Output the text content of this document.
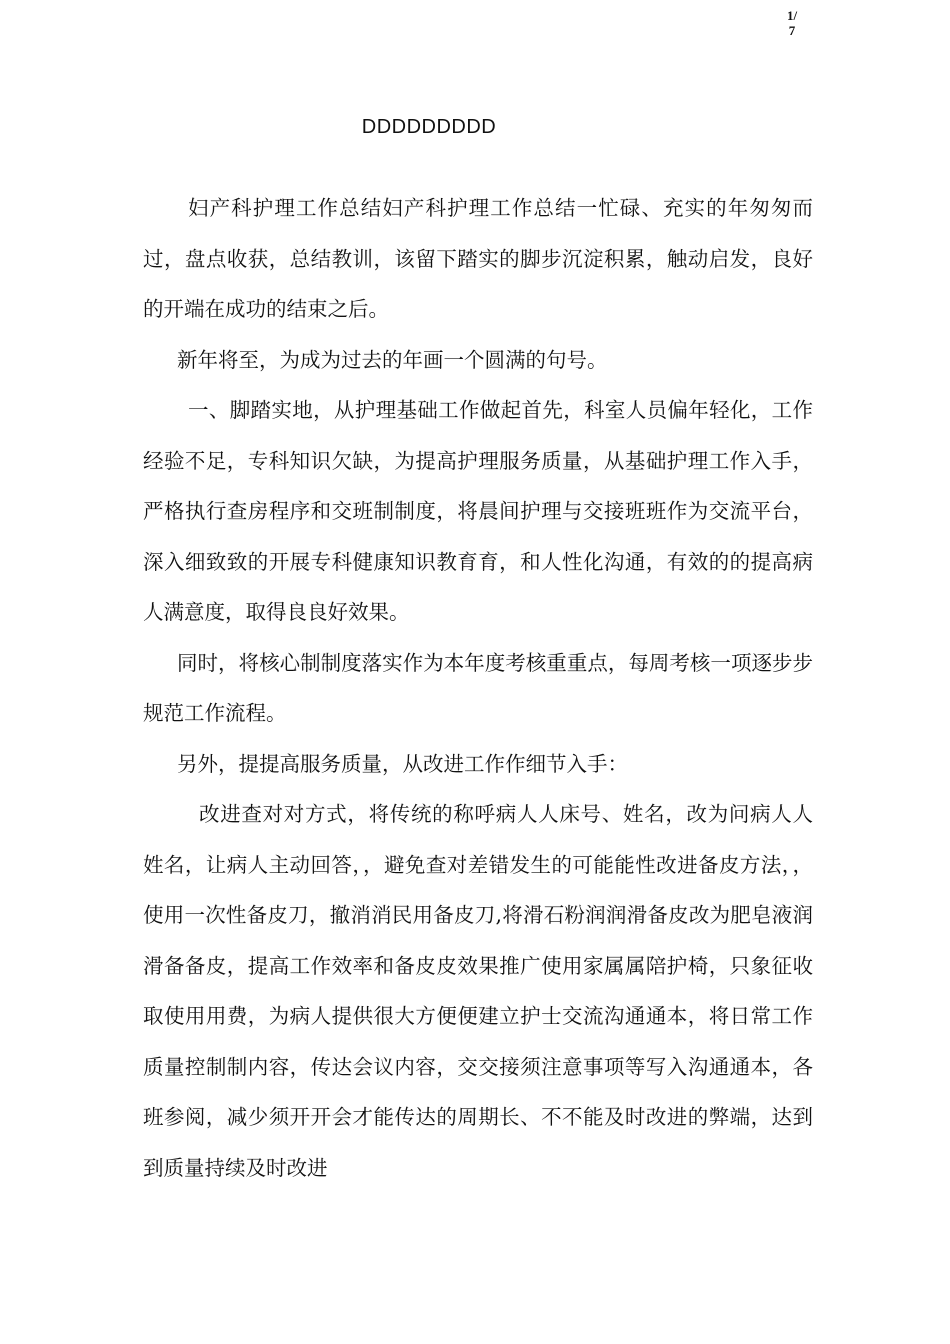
1/
7
DDDDDDDDD

妇产科护理工作总结妇产科护理工作总结一忙碌、充实的年匆匆而过，盘点收获，总结教训，该留下踏实的脚步沉淀积累，触动启发，良好的开端在成功的结束之后。

新年将至，为成为过去的年画一个圆满的句号。

一、脚踏实地，从护理基础工作做起首先，科室人员偏年轻化，工作经验不足，专科知识欠缺，为提高护理服务质量，从基础护理工作入手，严格执行查房程序和交班制制度，将晨间护理与交接班班作为交流平台，深入细致致的开展专科健康知识教育育，和人性化沟通，有效的的提高病人满意度，取得良良好效果。

同时，将核心制制度落实作为本年度考核重重点，每周考核一项逐步步规范工作流程。

另外，提提高服务质量，从改进工作作细节入手：

改进查对对方式，将传统的称呼病人人床号、姓名，改为问病人人姓名，让病人主动回答，，避免查对差错发生的可能能性改进备皮方法，，使用一次性备皮刀，撤消消民用备皮刀,将滑石粉润润滑备皮改为肥皂液润滑备备皮，提高工作效率和备皮皮效果推广使用家属属陪护椅，只象征收取使用用费，为病人提供很大方便便建立护士交流沟通通本，将日常工作质量控制制内容，传达会议内容，交交接须注意事项等写入沟通通本，各班参阅，减少须开开会才能传达的周期长、不不能及时改进的弊端，达到到质量持续及时改进
